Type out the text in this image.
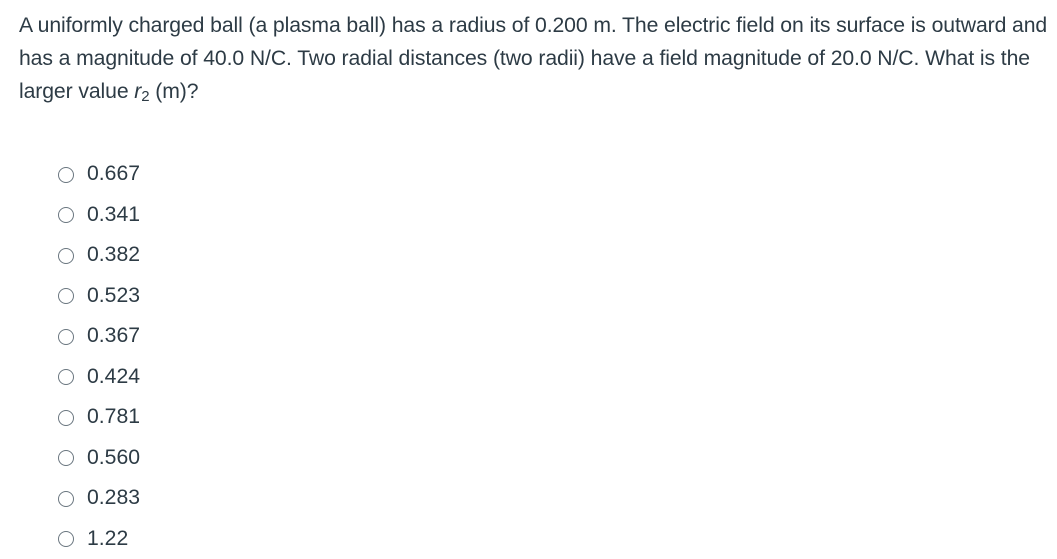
A uniformly charged ball (a plasma ball) has a radius of 0.200 m. The electric field on its surface is outward and has a magnitude of 40.0 N/C. Two radial distances (two radii) have a field magnitude of 20.0 N/C. What is the larger value $r_2$ (m)?
0.667
0.341
0.382
0.523
0.367
0.424
0.781
0.560
0.283
1.22
